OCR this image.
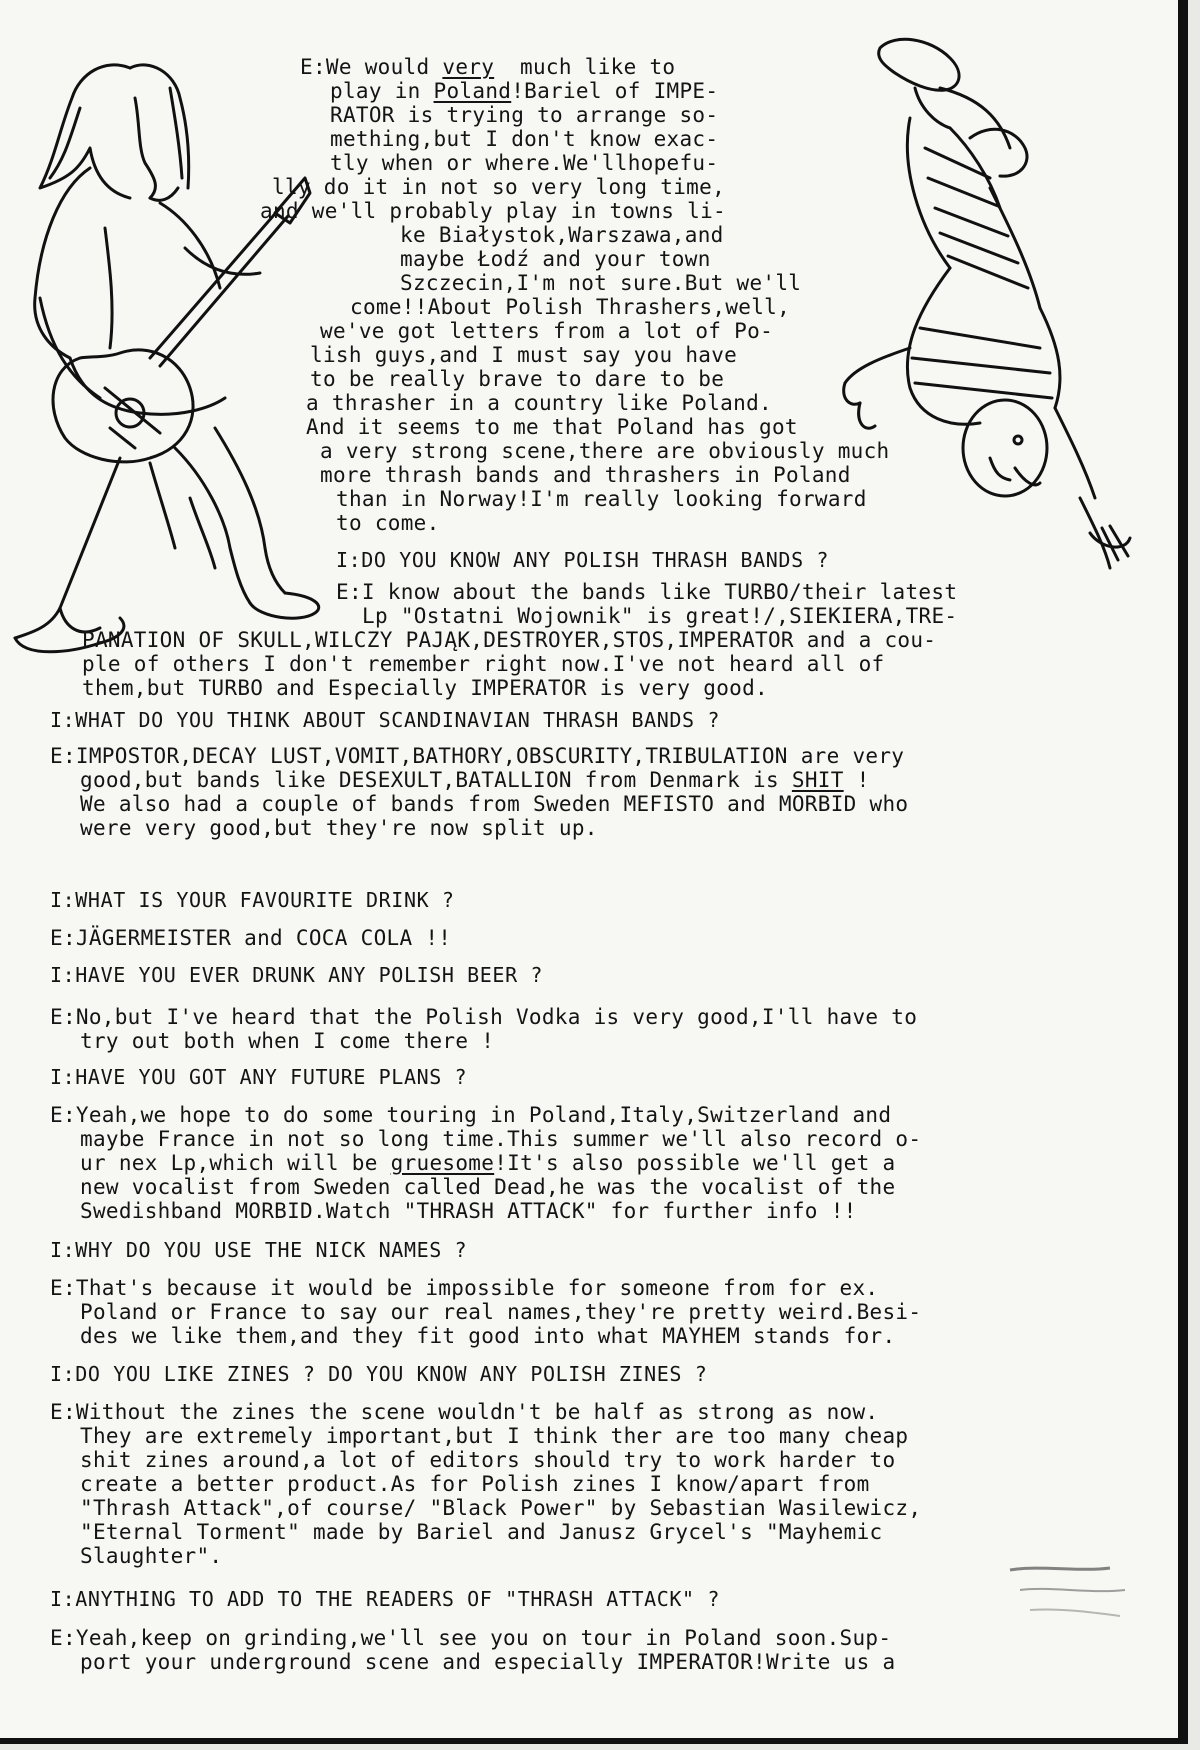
E:We would very  much like to

play in Poland!Bariel of IMPE-

RATOR is trying to arrange so-

mething,but I don't know exac-

tly when or where.We'llhopefu-

lly do it in not so very long time,

and we'll probably play in towns li-

ke Białystok,Warszawa,and

maybe Łodź and your town

Szczecin,I'm not sure.But we'll

come!!About Polish Thrashers,well,

we've got letters from a lot of Po-

lish guys,and I must say you have

to be really brave to dare to be

a thrasher in a country like Poland.

And it seems to me that Poland has got

a very strong scene,there are obviously much

more thrash bands and thrashers in Poland

than in Norway!I'm really looking forward

to come.

I:DO YOU KNOW ANY POLISH THRASH BANDS ?

E:I know about the bands like TURBO/their latest

Lp "Ostatni Wojownik" is great!/,SIEKIERA,TRE-

PANATION OF SKULL,WILCZY PAJĄK,DESTROYER,STOS,IMPERATOR and a cou-

ple of others I don't remember right now.I've not heard all of

them,but TURBO and Especially IMPERATOR is very good.

I:WHAT DO YOU THINK ABOUT SCANDINAVIAN THRASH BANDS ?

E:IMPOSTOR,DECAY LUST,VOMIT,BATHORY,OBSCURITY,TRIBULATION are very

good,but bands like DESEXULT,BATALLION from Denmark is SHIT !

We also had a couple of bands from Sweden MEFISTO and MORBID who

were very good,but they're now split up.

I:WHAT IS YOUR FAVOURITE DRINK ?

E:JÄGERMEISTER and COCA COLA !!

I:HAVE YOU EVER DRUNK ANY POLISH BEER ?

E:No,but I've heard that the Polish Vodka is very good,I'll have to

try out both when I come there !

I:HAVE YOU GOT ANY FUTURE PLANS ?

E:Yeah,we hope to do some touring in Poland,Italy,Switzerland and

maybe France in not so long time.This summer we'll also record o-

ur nex Lp,which will be gruesome!It's also possible we'll get a

new vocalist from Sweden called Dead,he was the vocalist of the

Swedishband MORBID.Watch "THRASH ATTACK" for further info !!

I:WHY DO YOU USE THE NICK NAMES ?

E:That's because it would be impossible for someone from for ex.

Poland or France to say our real names,they're pretty weird.Besi-

des we like them,and they fit good into what MAYHEM stands for.

I:DO YOU LIKE ZINES ? DO YOU KNOW ANY POLISH ZINES ?

E:Without the zines the scene wouldn't be half as strong as now.

They are extremely important,but I think ther are too many cheap

shit zines around,a lot of editors should try to work harder to

create a better product.As for Polish zines I know/apart from

"Thrash Attack",of course/ "Black Power" by Sebastian Wasilewicz,

"Eternal Torment" made by Bariel and Janusz Grycel's "Mayhemic

Slaughter".

I:ANYTHING TO ADD TO THE READERS OF "THRASH ATTACK" ?

E:Yeah,keep on grinding,we'll see you on tour in Poland soon.Sup-

port your underground scene and especially IMPERATOR!Write us a
